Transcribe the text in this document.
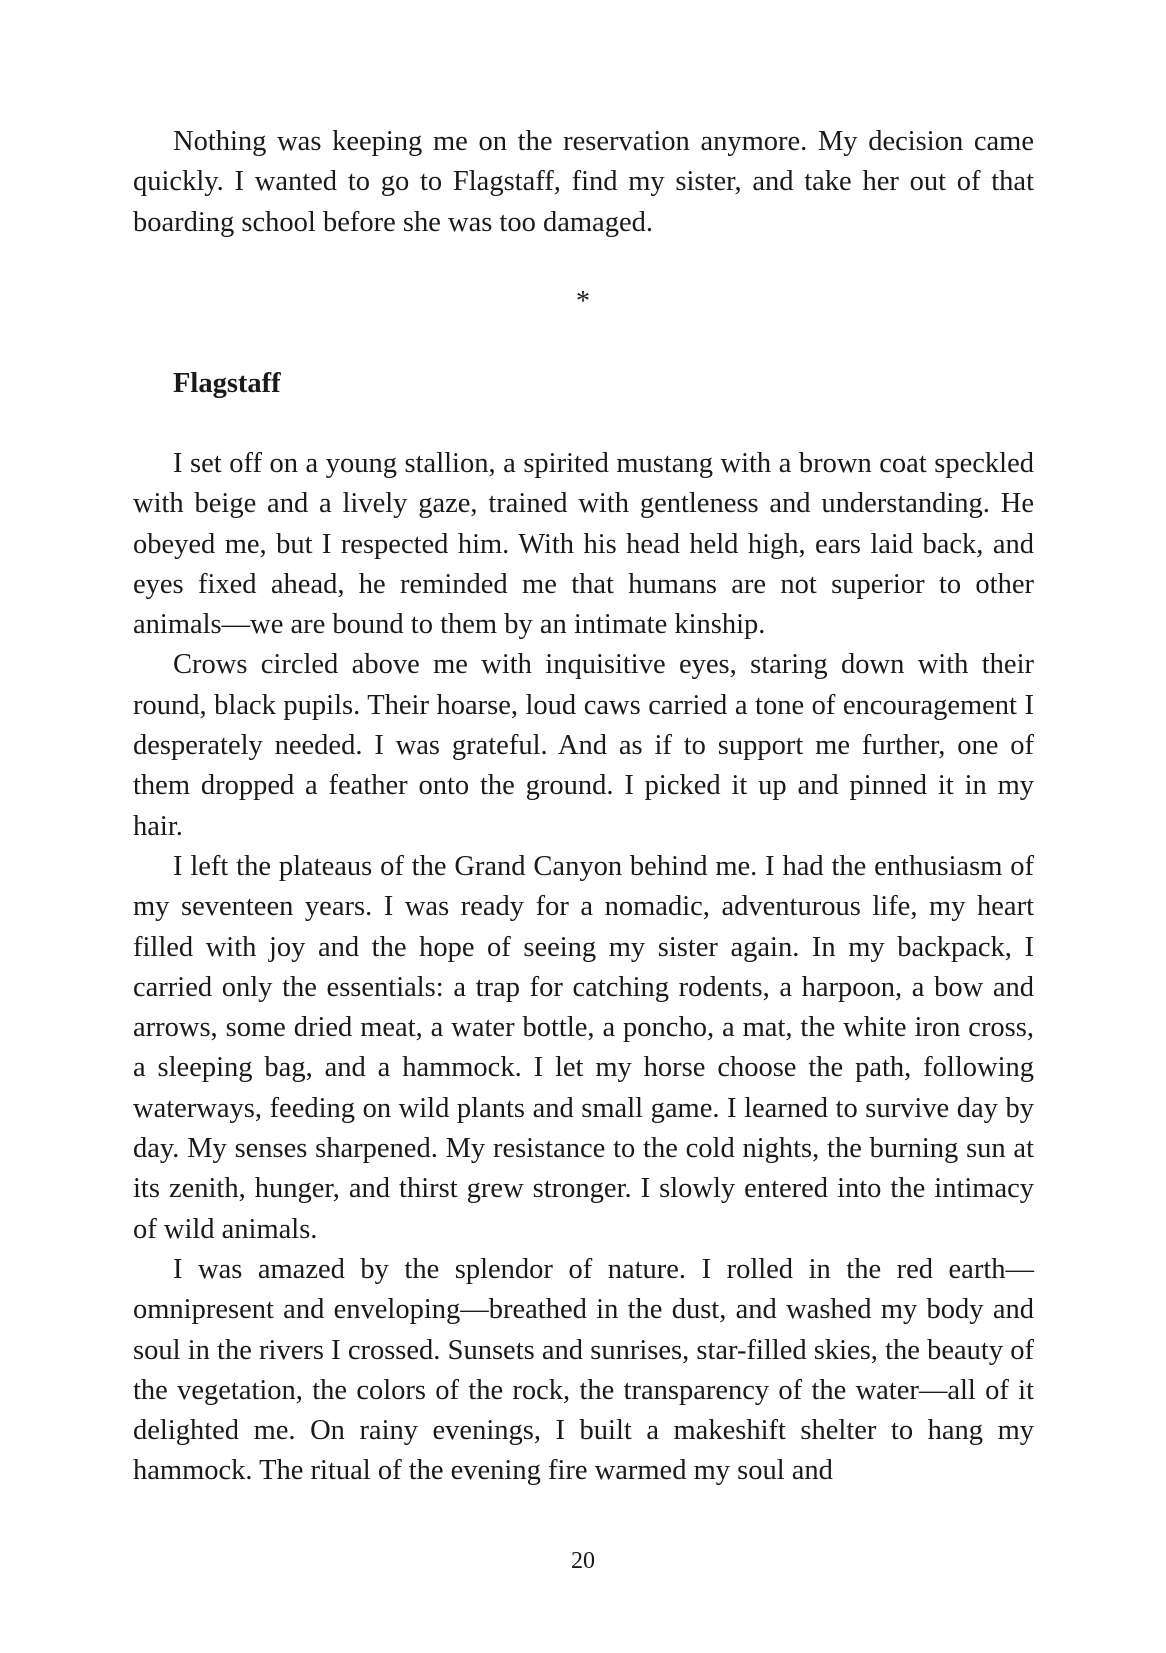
Nothing was keeping me on the reservation anymore. My decision came quickly. I wanted to go to Flagstaff, find my sister, and take her out of that boarding school before she was too damaged.

*
Flagstaff

I set off on a young stallion, a spirited mustang with a brown coat speckled with beige and a lively gaze, trained with gentleness and understanding. He obeyed me, but I respected him. With his head held high, ears laid back, and eyes fixed ahead, he reminded me that humans are not superior to other animals—we are bound to them by an intimate kinship.

Crows circled above me with inquisitive eyes, staring down with their round, black pupils. Their hoarse, loud caws carried a tone of encouragement I desperately needed. I was grateful. And as if to support me further, one of them dropped a feather onto the ground. I picked it up and pinned it in my hair.

I left the plateaus of the Grand Canyon behind me. I had the enthusiasm of my seventeen years. I was ready for a nomadic, adventurous life, my heart filled with joy and the hope of seeing my sister again. In my backpack, I carried only the essentials: a trap for catching rodents, a harpoon, a bow and arrows, some dried meat, a water bottle, a poncho, a mat, the white iron cross, a sleeping bag, and a hammock. I let my horse choose the path, following waterways, feeding on wild plants and small game. I learned to survive day by day. My senses sharpened. My resistance to the cold nights, the burning sun at its zenith, hunger, and thirst grew stronger. I slowly entered into the intimacy of wild animals.

I was amazed by the splendor of nature. I rolled in the red earth—omnipresent and enveloping—breathed in the dust, and washed my body and soul in the rivers I crossed. Sunsets and sunrises, star-filled skies, the beauty of the vegetation, the colors of the rock, the transparency of the water—all of it delighted me. On rainy evenings, I built a makeshift shelter to hang my hammock. The ritual of the evening fire warmed my soul and

20
